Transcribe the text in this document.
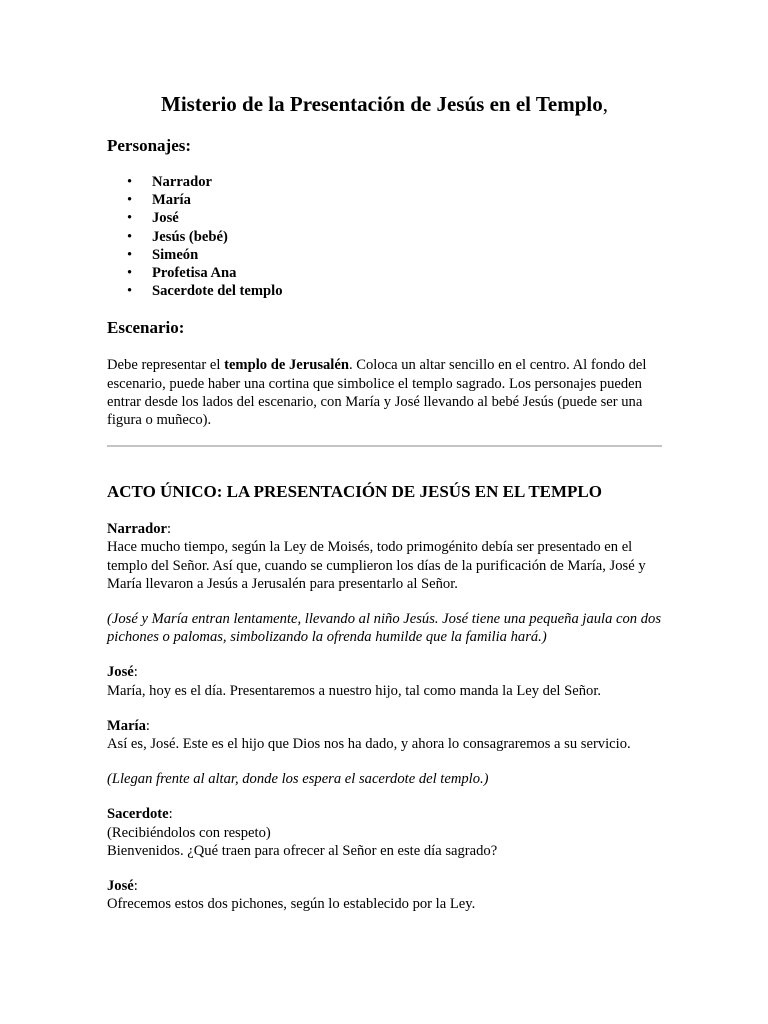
Misterio de la Presentación de Jesús en el Templo,
Personajes:
• Narrador
• María
• José
• Jesús (bebé)
• Simeón
• Profetisa Ana
• Sacerdote del templo
Escenario:

Debe representar el templo de Jerusalén. Coloca un altar sencillo en el centro. Al fondo del escenario, puede haber una cortina que simbolice el templo sagrado. Los personajes pueden entrar desde los lados del escenario, con María y José llevando al bebé Jesús (puede ser una figura o muñeco).

ACTO ÚNICO: LA PRESENTACIÓN DE JESÚS EN EL TEMPLO

Narrador:

Hace mucho tiempo, según la Ley de Moisés, todo primogénito debía ser presentado en el templo del Señor. Así que, cuando se cumplieron los días de la purificación de María, José y María llevaron a Jesús a Jerusalén para presentarlo al Señor.

(José y María entran lentamente, llevando al niño Jesús. José tiene una pequeña jaula con dos pichones o palomas, simbolizando la ofrenda humilde que la familia hará.)

José:

María, hoy es el día. Presentaremos a nuestro hijo, tal como manda la Ley del Señor.

María:

Así es, José. Este es el hijo que Dios nos ha dado, y ahora lo consagraremos a su servicio.

(Llegan frente al altar, donde los espera el sacerdote del templo.)

Sacerdote:

(Recibiéndolos con respeto)

Bienvenidos. ¿Qué traen para ofrecer al Señor en este día sagrado?

José:

Ofrecemos estos dos pichones, según lo establecido por la Ley.
